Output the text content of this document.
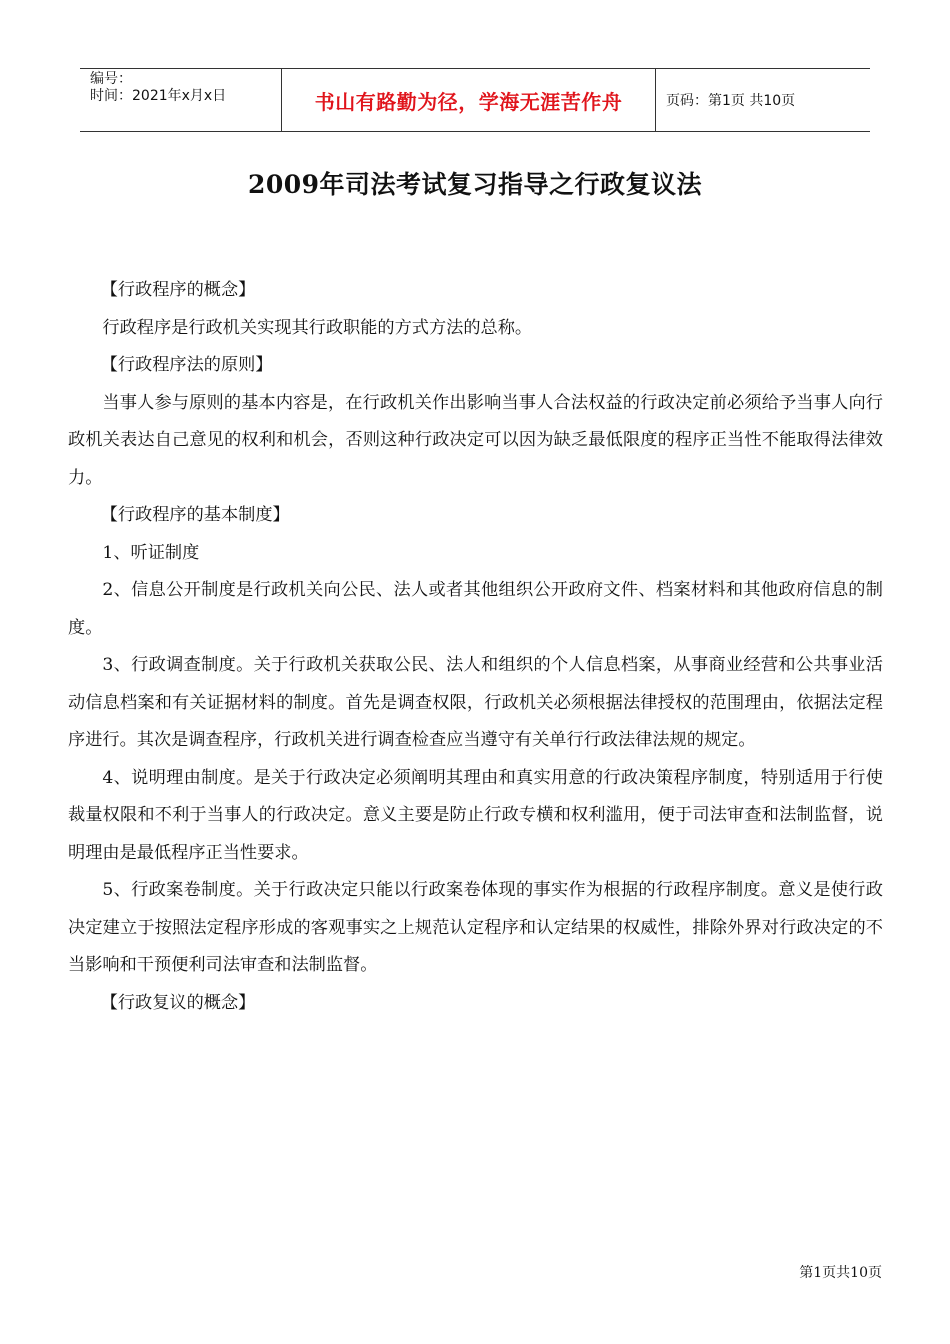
编号：
时间：2021年x月x日	书山有路勤为径，学海无涯苦作舟	页码：第1页 共10页
2009年司法考试复习指导之行政复议法

【行政程序的概念】

行政程序是行政机关实现其行政职能的方式方法的总称。

【行政程序法的原则】

当事人参与原则的基本内容是，在行政机关作出影响当事人合法权益的行政决定前必须给予当事人向行政机关表达自己意见的权利和机会，否则这种行政决定可以因为缺乏最低限度的程序正当性不能取得法律效力。

【行政程序的基本制度】

1、听证制度

2、信息公开制度是行政机关向公民、法人或者其他组织公开政府文件、档案材料和其他政府信息的制度。

3、行政调查制度。关于行政机关获取公民、法人和组织的个人信息档案，从事商业经营和公共事业活动信息档案和有关证据材料的制度。首先是调查权限，行政机关必须根据法律授权的范围理由，依据法定程序进行。其次是调查程序，行政机关进行调查检查应当遵守有关单行行政法律法规的规定。

4、说明理由制度。是关于行政决定必须阐明其理由和真实用意的行政决策程序制度，特别适用于行使裁量权限和不利于当事人的行政决定。意义主要是防止行政专横和权利滥用，便于司法审查和法制监督，说明理由是最低程序正当性要求。

5、行政案卷制度。关于行政决定只能以行政案卷体现的事实作为根据的行政程序制度。意义是使行政决定建立于按照法定程序形成的客观事实之上规范认定程序和认定结果的权威性，排除外界对行政决定的不当影响和干预便利司法审查和法制监督。

【行政复议的概念】

第1页共10页
